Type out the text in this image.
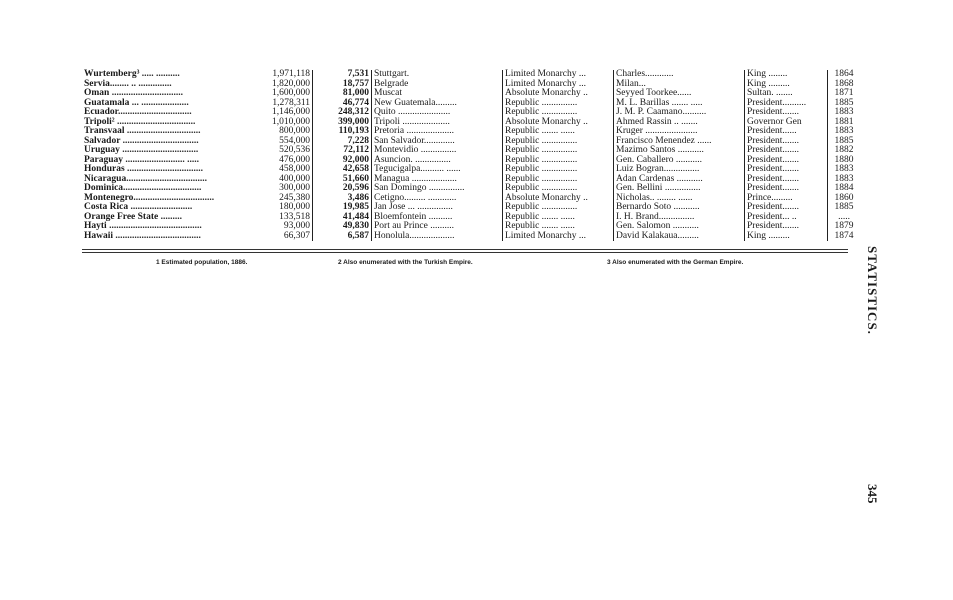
Wurtemberg³ ..... ..........	1,971,118	7,531	Stuttgart.	Limited Monarchy ...	Charles............	King ........	1864
Servia........ .. ..............	1,820,000	18,757	Belgrade	Limited Monarchy ...	Milan...	King .........	1868
Oman ..............................	1,600,000	81,000	Muscat	Absolute Monarchy ..	Seyyed Toorkee......	Sultan. .......	1871
Guatamala ... ....................	1,278,311	46,774	New Guatemala.........	Republic ...............	M. L. Barillas ....... .....	President..........	1885
Ecuador...............................	1,146,000	248,312	Quito ......................	Republic ...............	J. M. P. Caamano..........	President.......	1883
Tripoli² .................................	1,010,000	399,000	Tripoli ....................	Absolute Monarchy ..	Ahmed Rassin .. .......	Governor Gen	1881
Transvaal ...............................	800,000	110,193	Pretoria ....................	Republic ....... ......	Kruger ......................	President......	1883
Salvador ................................	554,000	7,228	San Salvador.............	Republic ...............	Francisco Menendez ......	President.......	1885
Uruguay ................................	520,536	72,112	Montevidio ...............	Republic ...............	Mazimo Santos ...........	President.......	1882
Paraguay ......................... .....	476,000	92,000	Asuncion. ...............	Republic ...............	Gen. Caballero ...........	President.......	1880
Honduras ................................	458,000	42,658	Tegucigalpa.......... ......	Republic ...............	Luiz Bogran...............	President.......	1883
Nicaragua..................................	400,000	51,660	Managua ...................	Republic ...............	Adan Cardenas ...........	President.......	1883
Dominica.................................	300,000	20,596	San Domingo ...............	Republic ...............	Gen. Bellini ...............	President.......	1884
Montenegro..................................	245,380	3,486	Cetigno......... ............	Absolute Monarchy ..	Nicholas.. ........ ......	Prince.........	1860
Costa Rica ..........................	180,000	19,985	Jan Jose ... ...............	Republic ...............	Bernardo Soto ...........	President.......	1885
Orange Free State .........	133,518	41,484	Bloemfontein ..........	Republic ....... ......	I. H. Brand...............	President... ..	.....
Hayti .......................................	93,000	49,830	Port au Prince ..........	Republic ....... ......	Gen. Salomon ...........	President.......	1879
Hawaii ....................................	66,307	6,587	Honolula...................	Limited Monarchy ...	David Kalakaua.........	King .........	1874
1 Estimated population, 1886.	2 Also enumerated with the Turkish Empire.	3 Also enumerated with the German Empire.	STATISTICS.
345
